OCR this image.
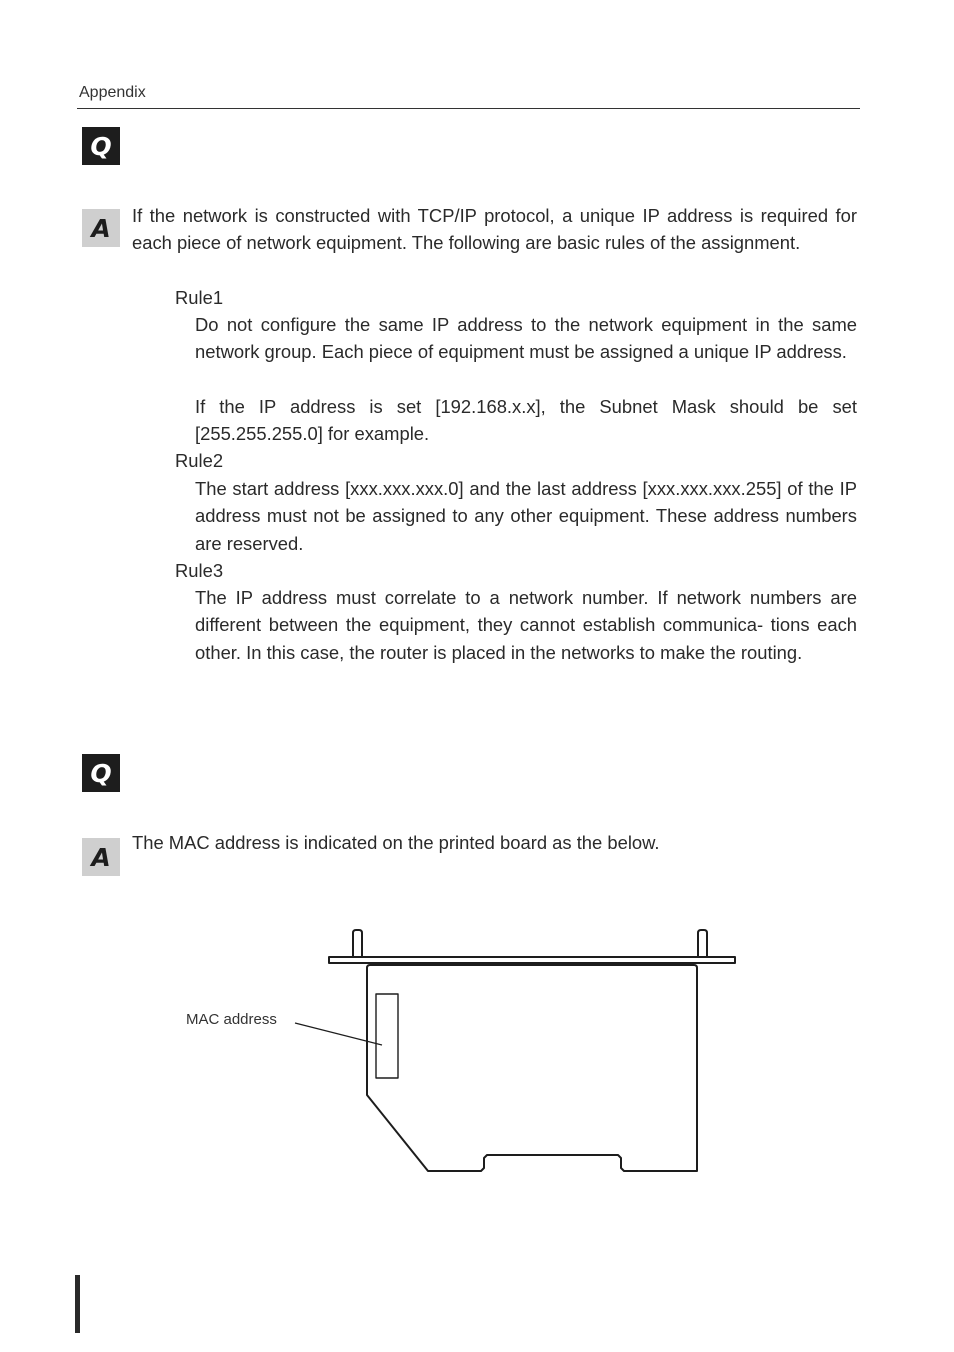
Appendix
Q
A	If the network is constructed with TCP/IP protocol, a unique IP address is required for each piece of network equipment. The following are basic rules of the assignment.

Rule1

Do not configure the same IP address to the network equipment in the same network group. Each piece of equipment must be assigned a unique IP address.

If the IP address is set [192.168.x.x], the Subnet Mask should be set [255.255.255.0] for example.

Rule2

The start address [xxx.xxx.xxx.0] and the last address [xxx.xxx.xxx.255] of the IP address must not be assigned to any other equipment. These address numbers are reserved.

Rule3

The IP address must correlate to a network number. If network numbers are different between the equipment, they cannot establish communica- tions each other. In this case, the router is placed in the networks to make the routing.

Q
A	The MAC address is indicated on the printed board as the below.

MAC address
